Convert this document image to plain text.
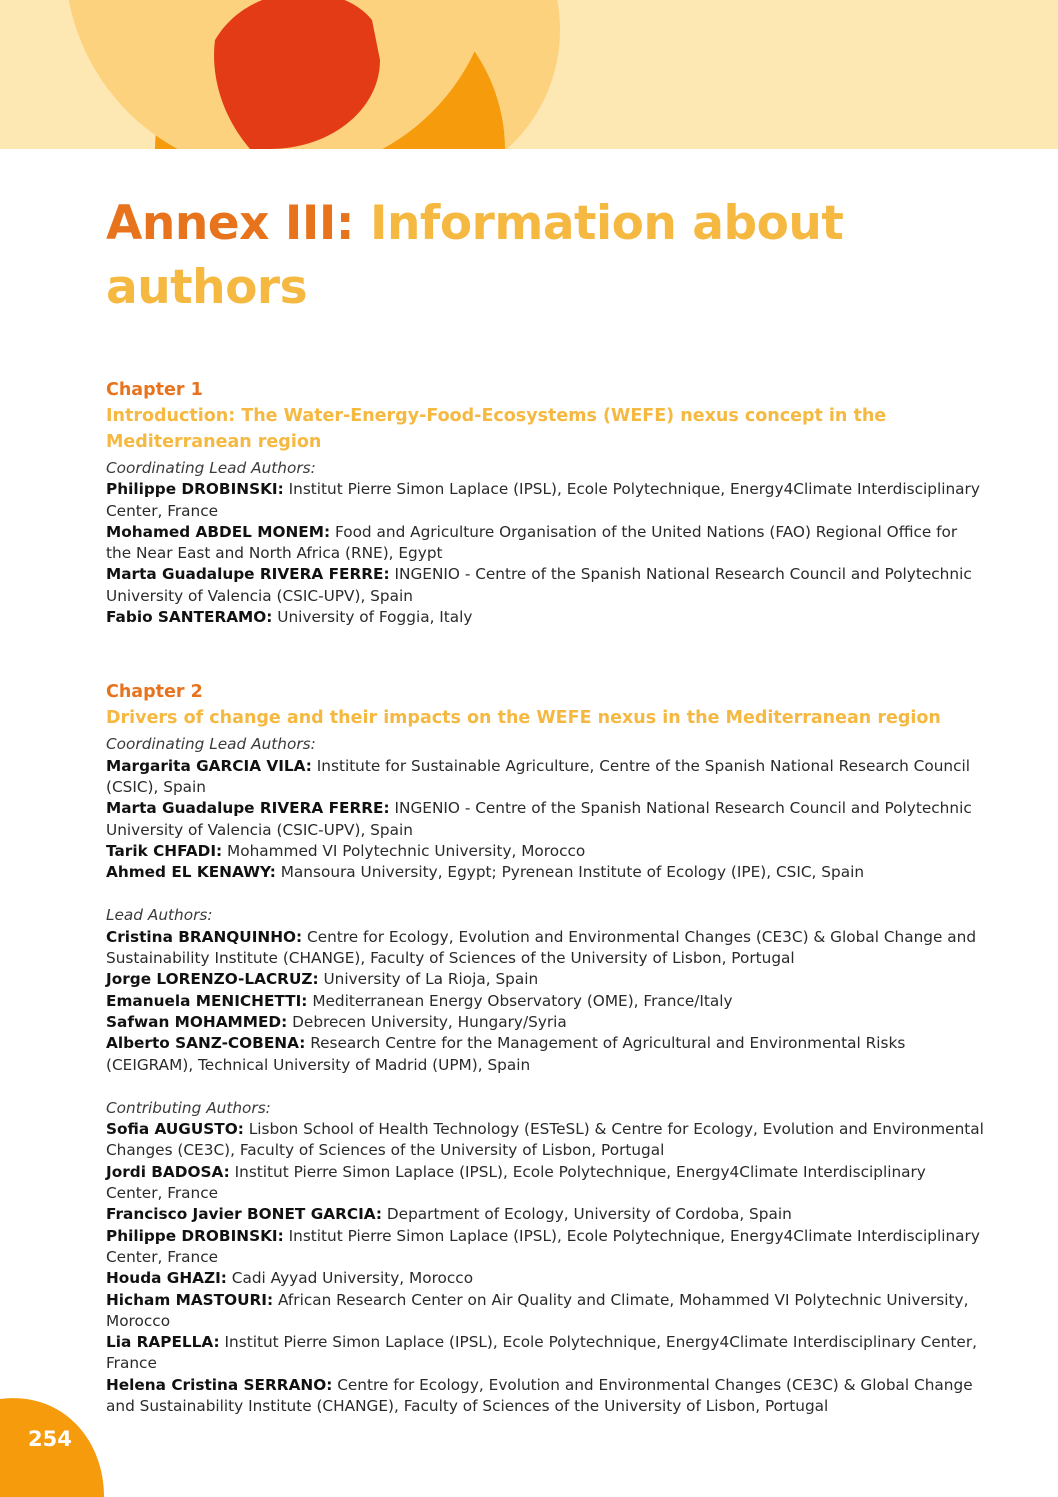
Annex III: Information about authors
Chapter 1
Introduction: The Water-Energy-Food-Ecosystems (WEFE) nexus concept in the Mediterranean region
Coordinating Lead Authors:
Philippe DROBINSKI: Institut Pierre Simon Laplace (IPSL), Ecole Polytechnique, Energy4Climate Interdisciplinary Center, France
Mohamed ABDEL MONEM: Food and Agriculture Organisation of the United Nations (FAO) Regional Office for the Near East and North Africa (RNE), Egypt
Marta Guadalupe RIVERA FERRE: INGENIO - Centre of the Spanish National Research Council and Polytechnic University of Valencia (CSIC-UPV), Spain
Fabio SANTERAMO: University of Foggia, Italy
Chapter 2
Drivers of change and their impacts on the WEFE nexus in the Mediterranean region
Coordinating Lead Authors:
Margarita GARCIA VILA: Institute for Sustainable Agriculture, Centre of the Spanish National Research Council (CSIC), Spain
Marta Guadalupe RIVERA FERRE: INGENIO - Centre of the Spanish National Research Council and Polytechnic University of Valencia (CSIC-UPV), Spain
Tarik CHFADI: Mohammed VI Polytechnic University, Morocco
Ahmed EL KENAWY: Mansoura University, Egypt; Pyrenean Institute of Ecology (IPE), CSIC, Spain
Lead Authors:
Cristina BRANQUINHO: Centre for Ecology, Evolution and Environmental Changes (CE3C) & Global Change and Sustainability Institute (CHANGE), Faculty of Sciences of the University of Lisbon, Portugal
Jorge LORENZO-LACRUZ: University of La Rioja, Spain
Emanuela MENICHETTI: Mediterranean Energy Observatory (OME), France/Italy
Safwan MOHAMMED: Debrecen University, Hungary/Syria
Alberto SANZ-COBENA: Research Centre for the Management of Agricultural and Environmental Risks (CEIGRAM), Technical University of Madrid (UPM), Spain
Contributing Authors:
Sofia AUGUSTO: Lisbon School of Health Technology (ESTeSL) & Centre for Ecology, Evolution and Environmental Changes (CE3C), Faculty of Sciences of the University of Lisbon, Portugal
Jordi BADOSA: Institut Pierre Simon Laplace (IPSL), Ecole Polytechnique, Energy4Climate Interdisciplinary Center, France
Francisco Javier BONET GARCIA: Department of Ecology, University of Cordoba, Spain
Philippe DROBINSKI: Institut Pierre Simon Laplace (IPSL), Ecole Polytechnique, Energy4Climate Interdisciplinary Center, France
Houda GHAZI: Cadi Ayyad University, Morocco
Hicham MASTOURI: African Research Center on Air Quality and Climate, Mohammed VI Polytechnic University, Morocco
Lia RAPELLA: Institut Pierre Simon Laplace (IPSL), Ecole Polytechnique, Energy4Climate Interdisciplinary Center, France
Helena Cristina SERRANO: Centre for Ecology, Evolution and Environmental Changes (CE3C) & Global Change and Sustainability Institute (CHANGE), Faculty of Sciences of the University of Lisbon, Portugal
254
